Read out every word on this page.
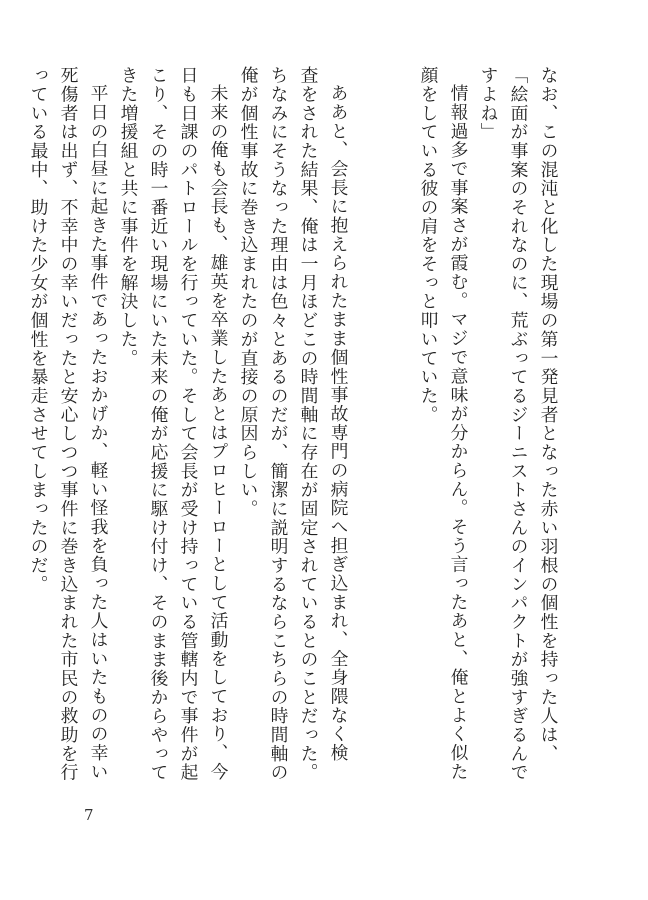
なお、この混沌と化した現場の第一発見者となった赤い羽根の個性を持った人は、
「絵面が事案のそれなのに、荒ぶってるジーニストさんのインパクトが強すぎるんで
すよね」
情報過多で事案さが霞む。マジで意味が分からん。そう言ったあと、俺とよく似た
顔をしている彼の肩をそっと叩いていた。
ああと、会長に抱えられたまま個性事故専門の病院へ担ぎ込まれ、全身隈なく検
査をされた結果、俺は一月ほどこの時間軸に存在が固定されているとのことだった。
ちなみにそうなった理由は色々とあるのだが、簡潔に説明するならこちらの時間軸の
俺が個性事故に巻き込まれたのが直接の原因らしい。
未来の俺も会長も、雄英を卒業したあとはプロヒーローとして活動をしており、今
日も日課のパトロールを行っていた。そして会長が受け持っている管轄内で事件が起
こり、その時一番近い現場にいた未来の俺が応援に駆け付け、そのまま後からやって
きた増援組と共に事件を解決した。
平日の白昼に起きた事件であったおかげか、軽い怪我を負った人はいたものの幸い
死傷者は出ず、不幸中の幸いだったと安心しつつ事件に巻き込まれた市民の救助を行
っている最中、助けた少女が個性を暴走させてしまったのだ。
7
